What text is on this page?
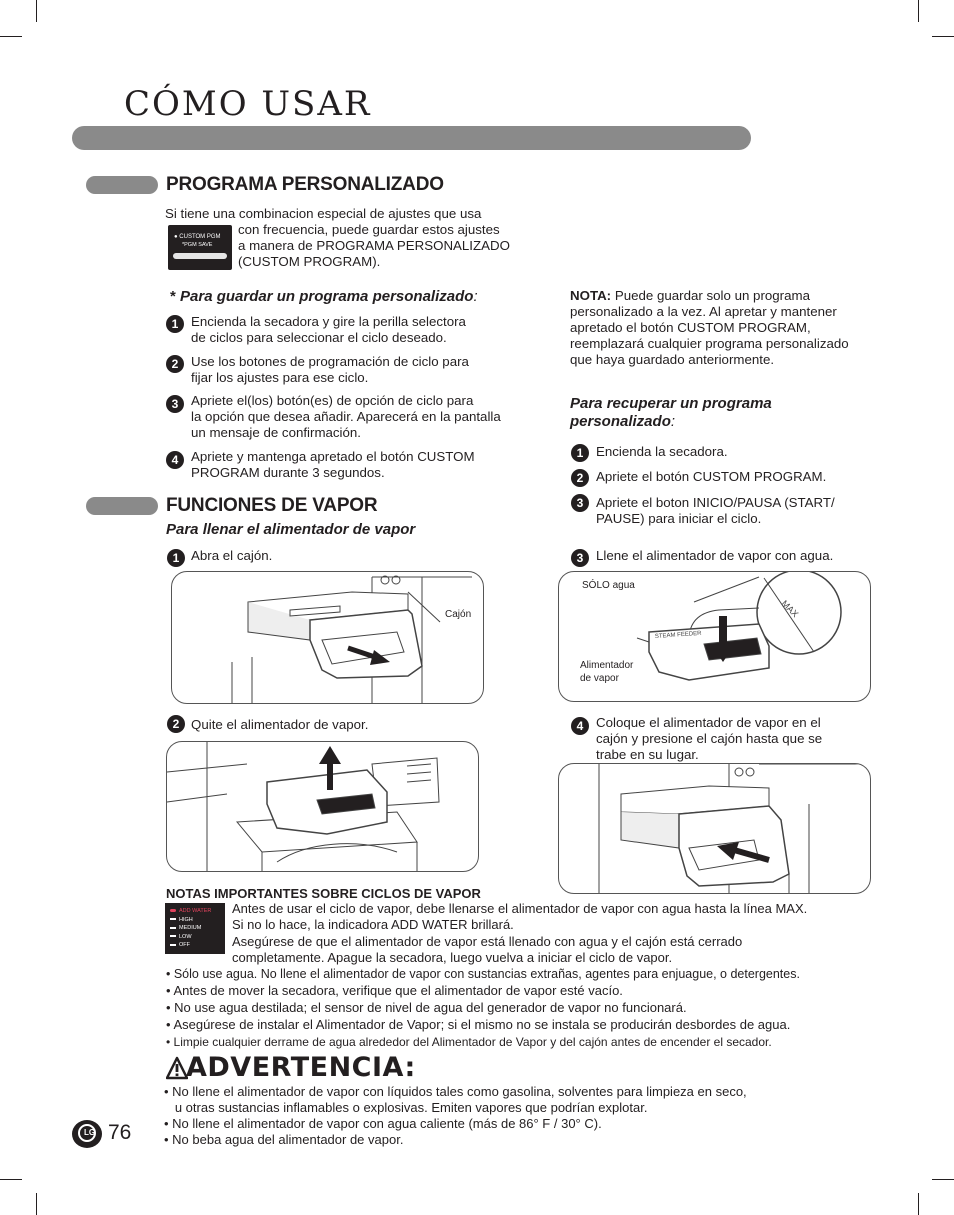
CÓMO USAR
PROGRAMA PERSONALIZADO
Si tiene una combinacion especial de ajustes que usa
● CUSTOM PGM
*PGM SAVE
con frecuencia, puede guardar estos ajustes
a manera de PROGRAMA PERSONALIZADO
(CUSTOM PROGRAM).
* Para guardar un programa personalizado:
1 Encienda la secadora y gire la perilla selectora
de ciclos para seleccionar el ciclo deseado.
2 Use los botones de programación de ciclo para
fijar los ajustes para ese ciclo.
3 Apriete el(los) botón(es) de opción de ciclo para
la opción que desea añadir. Aparecerá en la pantalla
un mensaje de confirmación.
4 Apriete y mantenga apretado el botón CUSTOM
PROGRAM durante 3 segundos.
NOTA: Puede guardar solo un programa personalizado a la vez. Al apretar y mantener apretado el botón CUSTOM PROGRAM, reemplazará cualquier programa personalizado que haya guardado anteriormente.
Para recuperar un programa personalizado:
1 Encienda la secadora.
2 Apriete el botón CUSTOM PROGRAM.
3 Apriete el boton INICIO/PAUSA (START/
PAUSE) para iniciar el ciclo.
FUNCIONES DE VAPOR
Para llenar el alimentador de vapor
1 Abra el cajón.
Cajón
2 Quite el alimentador de vapor.
3 Llene el alimentador de vapor con agua.
STEAM FEEDER
MAX
SÓLO agua
Alimentador
de vapor
4 Coloque el alimentador de vapor en el
cajón y presione el cajón hasta que se
trabe en su lugar.
NOTAS IMPORTANTES SOBRE CICLOS DE VAPOR
ADD WATER
HIGH
MEDIUM
LOW
OFF
Antes de usar el ciclo de vapor, debe llenarse el alimentador de vapor con agua hasta la línea MAX.
Si no lo hace, la indicadora ADD WATER brillará.
Asegúrese de que el alimentador de vapor está llenado con agua y el cajón está cerrado
completamente. Apague la secadora, luego vuelva a iniciar el ciclo de vapor.
• Sólo use agua. No llene el alimentador de vapor con sustancias extrañas, agentes para enjuague, o detergentes.
• Antes de mover la secadora, verifique que el alimentador de vapor esté vacío.
• No use agua destilada; el sensor de nivel de agua del generador de vapor no funcionará.
• Asegúrese de instalar el Alimentador de Vapor; si el mismo no se instala se producirán desbordes de agua.
• Limpie cualquier derrame de agua alrededor del Alimentador de Vapor y del cajón antes de encender el secador.
ADVERTENCIA:
• No llene el alimentador de vapor con líquidos tales como gasolina, solventes para limpieza en seco,
u otras sustancias inflamables o explosivas. Emiten vapores que podrían explotar.
• No llene el alimentador de vapor con agua caliente (más de 86° F / 30° C).
• No beba agua del alimentador de vapor.
LG 76
